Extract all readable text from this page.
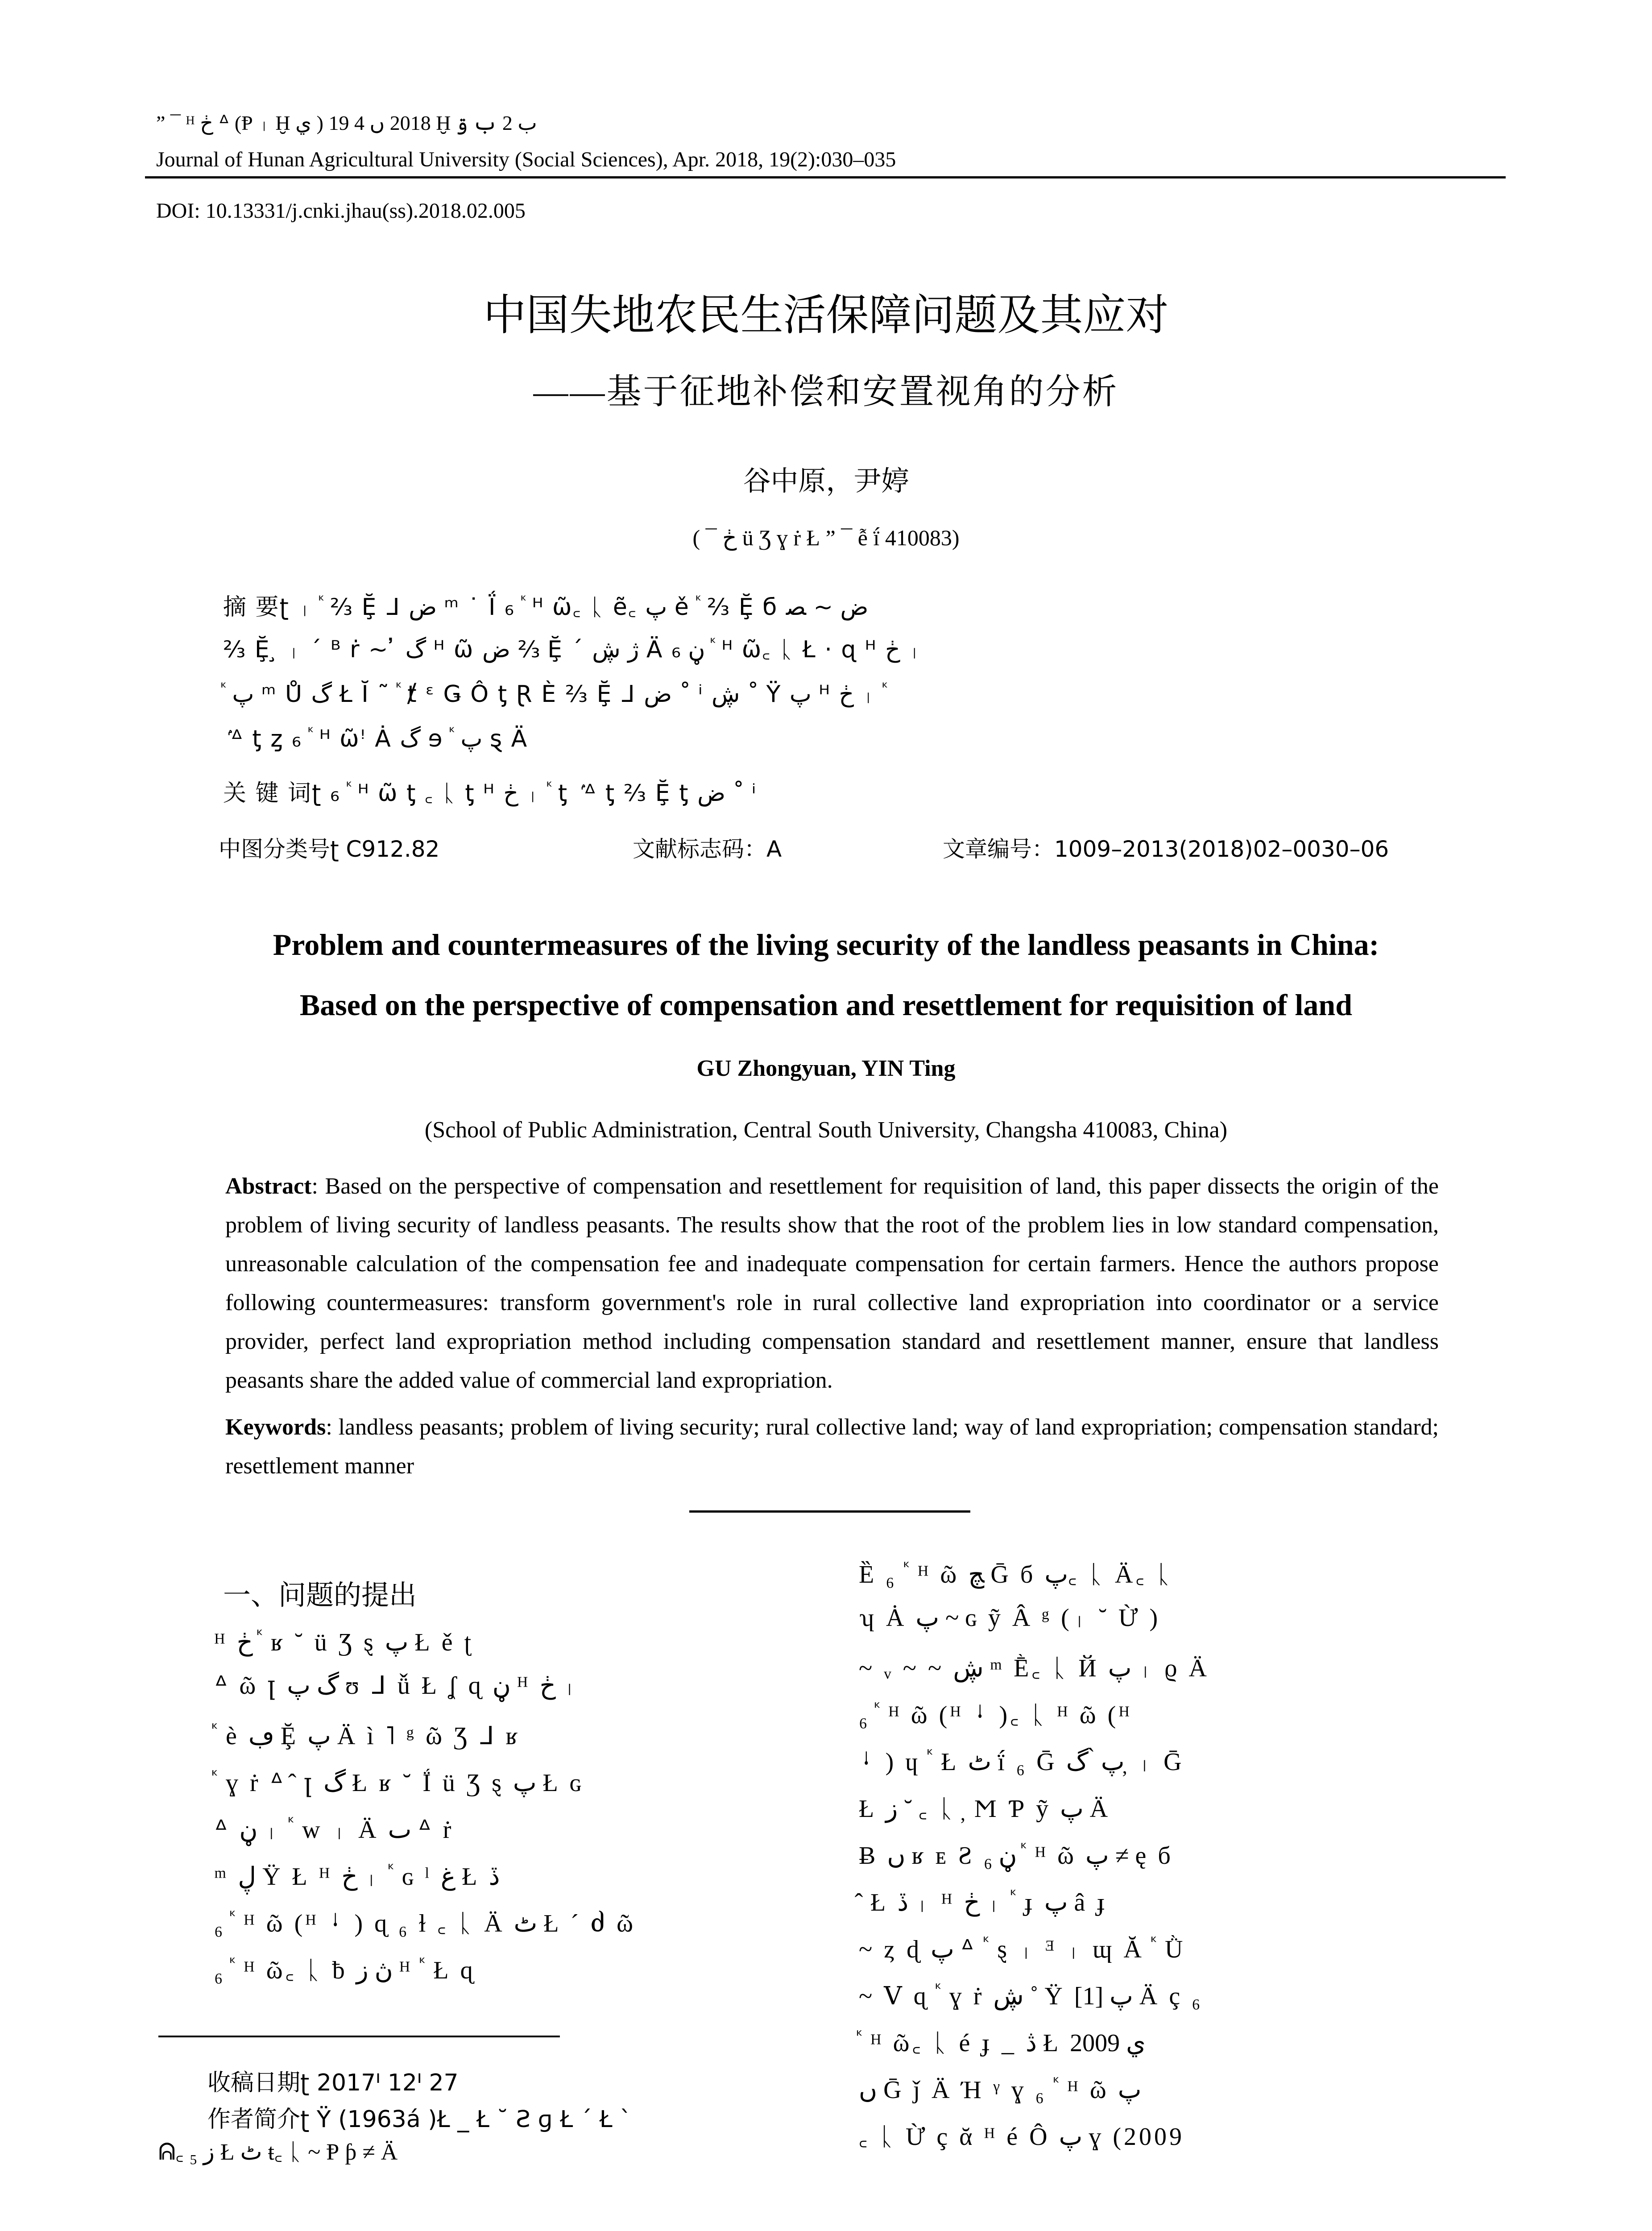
” ¯ ᴴ ڂ ᐞ (Ᵽ ᛧ Ḫ ي ) 2018 ں 4 19 Ḫ ب 2 ب ۊ
Journal of Hunan Agricultural University (Social Sciences), Apr. 2018, 19(2):030–035
DOI: 10.13331/j.cnki.jhau(ss).2018.02.005
中国失地农民生活保障问题及其应对
——基于征地补偿和安置视角的分析
谷中原，尹婷
( ¯ ڂ ü Ʒ ɣ ṙ Ł ” ¯ ễ ḯ 410083)
摘 要ʈ ᛧ ⷦ ⅔ Ḝ ᒧ ض ᵐ ˙ Ḯ ₆ ⷦ ᴴ ῶ꜀ ᚳ ẽ꜀ پ ě ⷦ ⅔ Ḝ б ض ~ ﺼ
⅔ Ḝ ̧ ᛧ ˊ ᴮ ṙ ~ ̓ گ ᴴ ῶ ض ⅔ Ḝ ˊ ژ ڜ Ä ڼ ₆ ⷦ ᴴ ῶ꜀ ᚳ Ł · ɋ ᴴ ڂ ᛧ
ⷦ پ ᵐ Ů گ Ł Ĭ ˜ ⷦ ⱦ ᵋ Ǥ Ô ƫ Ɽ È ⅔ Ḝ ᒧ ض ˚ ⁱ ڜ ˚ Ÿ پ ᴴ ڂ ᛧ ⷦ
ۢ ᐞ ƫ ȥ ₆ ⷦ ᴴ ῶꜝ Ȧ گ ɘ ⷦ پ ȿ Ä
关 键 词ʈ ₆ ⷦ ᴴ ῶ ƫ ꜀ ᚳ ƫ ᴴ ڂ ᛧ ⷦ ƫ ۢ ᐞ ƫ ⅔ Ḝ ƫ ض ˚ ⁱ
中图分类号ʈ C912.82	文献标志码：A	文章编号：1009–2013(2018)02–0030–06
Problem and countermeasures of the living security of the landless peasants in China:
Based on the perspective of compensation and resettlement for requisition of land
GU Zhongyuan, YIN Ting
(School of Public Administration, Central South University, Changsha 410083, China)
Abstract: Based on the perspective of compensation and resettlement for requisition of land, this paper dissects the origin of the problem of living security of landless peasants. The results show that the root of the problem lies in low standard compensation, unreasonable calculation of the compensation fee and inadequate compensation for certain farmers. Hence the authors propose following countermeasures: transform government's role in rural collective land expropriation into coordinator or a service provider, perfect land expropriation method including compensation standard and resettlement manner, ensure that landless peasants share the added value of commercial land expropriation.
Keywords: landless peasants; problem of living security; rural collective land; way of land expropriation; compensation standard; resettlement manner
一、问题的提出
ᴴ ڂ ⷦ ʁ ˘ ü Ʒ ȿ پ Ł ě ʈ
ᐞ ῶ ꞁ گ پ ʊ ᒧ ǚ Ł ʆ ɋ ڼ ᴴ ڂ ᛧ
ⷦ è ڢ Ḝ پ Ä ì ˥ ᵍ ῶ Ʒ ᒧ ʁ
ⷦ ɣ ṙ ᐞ ̂ ꞁ گ Ł ʁ ˘ Ḯ ü Ʒ ȿ پ Ł ɢ
ᐞ ڼ ᛧ ⷦ ᴡ ᛧ Ä ٮ ᐞ ṙ
ᵐ ڸ Ÿ Ł ᴴ ڂ ᛧ ⷦ ɢ ˡ غ Ł ڏ
₆ ⷦ ᴴ ῶ (ᴴ ᛍ ) ɋ ₆ ɫ ꜀ ᚳ Ä ٹ Ł ˊ ძ ῶ
₆ ⷦ ᴴ ῶ꜀ ᚳ ƀ ڽ ز ᴴ ⷦ Ł ɋ
Ȅ ₆ ⷦ ᴴ ῶ ﭻ Ḡ б پ꜀ ᚳ Ä꜀ ᚳ
ʮ Ȧ پ ~ ɢ ỹ Â ᵍ (ᛧ ˘ Ừ )
~ ᵥ ~ ~ ڜ ᵐ Ḕ꜀ ᚳ Й پ ᛧ ϱ Ä
₆ ⷦ ᴴ ῶ (ᴴ ᛍ )꜀ ᚳ ᴴ ῶ (ᴴ
ᛍ ) ɥ ⷦ Ł ٹ ḯ ₆ Ḡ پ ̀ گ ̦ ᛧ Ḡ
Ł ز ˘ ꜀ ᚳ ̦ Ϻ Ƥ ỹ پ Ä
Ƀ ں ʁ ᴇ Ƨ ڼ ₆ ⷦ ᴴ ῶ پ ≠ ę б
̂ Ł ڏ ᛧ ᴴ ڂ ᛧ ⷦ ɟ پ â ɟ
~ ȥ ɖ پ ᐞ ⷦ ȿ ᛧ ᴲ ᛧ ɰ Ă ⷦ Ǜ
~ Ⅴ ɋ ⷦ ɣ ṙ ڜ ˚ Ÿ پ [1] Ä ç ₆
ⷦ ᴴ ῶ꜀ ᚳ é ɟ _ ڎ Ł ي 2009
ں Ḡ ǰ Ä Ή ᵞ ɣ ₆ ⷦ ᴴ ῶ پ
꜀ ᚳ Ừ ç ᾰ ᴴ é Ô پ ɣ (2009
收稿日期ʈ 2017ᑊ 12ᑊ 27
作者简介ʈ Ÿ (1963á )Ł _ Ł ˘ Ƨ ɡ Ł ˊ Ł ˋ
ᕱ꜀ ز ₅ Ł ٹ ŧ꜀ ᚳ ~ Ᵽ ƥ ≠ Ä
